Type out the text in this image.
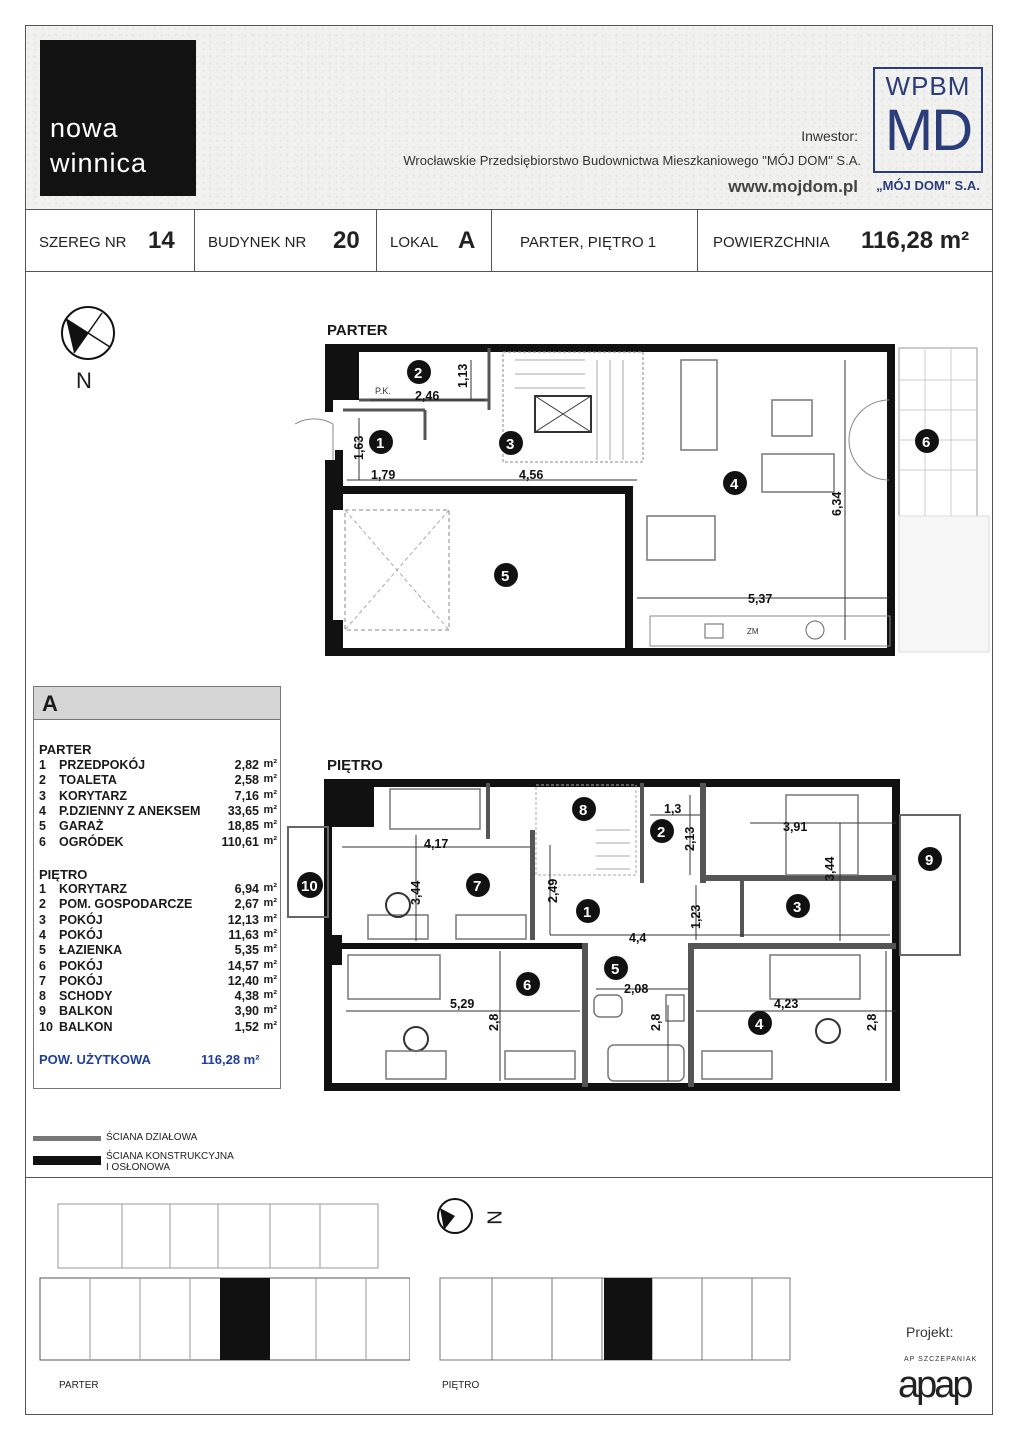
nowa
winnica
Inwestor:
Wrocławskie Przedsiębiorstwo Budownictwa Mieszkaniowego "MÓJ DOM" S.A.
www.mojdom.pl
WPBM
MD
„MÓJ DOM" S.A.
SZEREG NR 14 BUDYNEK NR 20 LOKAL A	PARTER, PIĘTRO 1	POWIERZCHNIA 116,28 m²
N
PARTER
ZM
2,46
1,13
1,63
1,79	4,56
6,34
5,37
P.K.
1
2
3
4
5
6
A
PARTER
1 PRZEDPOKÓJ	2,82 m²
2 TOALETA	2,58 m²
3 KORYTARZ	7,16 m²
4 P.DZIENNY Z ANEKSEM 33,65 m²
5 GARAŻ	18,85 m²
6 OGRÓDEK	110,61 m²
PIĘTRO
1 KORYTARZ	6,94 m²
2 POM. GOSPODARCZE	2,67 m²
3 POKÓJ	12,13 m²
4 POKÓJ	11,63 m²
5 ŁAZIENKA	5,35 m²
6 POKÓJ	14,57 m²
7 POKÓJ	12,40 m²
8 SCHODY	4,38 m²
9 BALKON	3,90 m²
10 BALKON	1,52 m²
POW. UŻYTKOWA	116,28 m²
PIĘTRO
4,17
3,44	2,49
1,3
2,13	3,91
3,44
1,23
4,4
2,08
5,29
2,8	2,8
4,23
2,8
1
2
3
4
5
6
7
8
9
10
ŚCIANA DZIAŁOWA
ŚCIANA KONSTRUKCYJNA
I OSŁONOWA
PARTER
N
PIĘTRO
Projekt:
AP SZCZEPANIAK
apap
